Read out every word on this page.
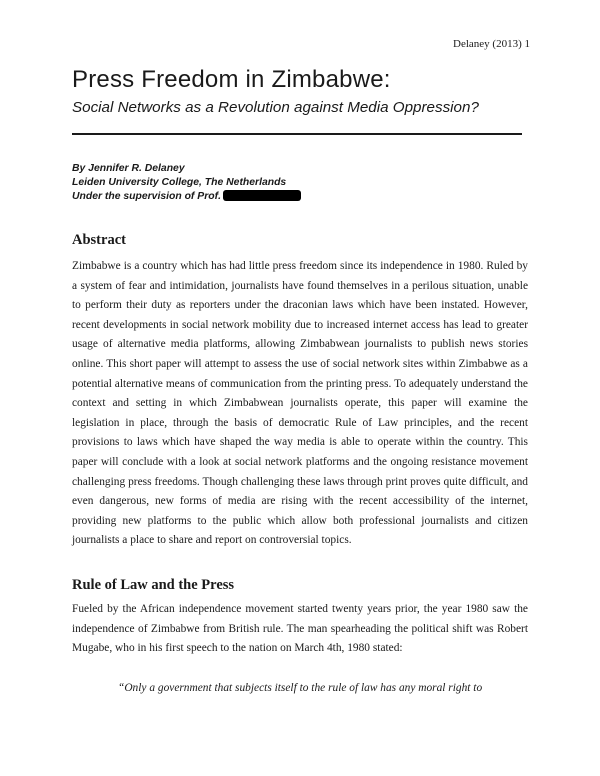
Delaney (2013) 1
Press Freedom in Zimbabwe:
Social Networks as a Revolution against Media Oppression?
By Jennifer R. Delaney
Leiden University College, The Netherlands
Under the supervision of Prof.
Abstract
Zimbabwe is a country which has had little press freedom since its independence in 1980. Ruled by a system of fear and intimidation, journalists have found themselves in a perilous situation, unable to perform their duty as reporters under the draconian laws which have been instated. However, recent developments in social network mobility due to increased internet access has lead to greater usage of alternative media platforms, allowing Zimbabwean journalists to publish news stories online. This short paper will attempt to assess the use of social network sites within Zimbabwe as a potential alternative means of communication from the printing press. To adequately understand the context and setting in which Zimbabwean journalists operate, this paper will examine the legislation in place, through the basis of democratic Rule of Law principles, and the recent provisions to laws which have shaped the way media is able to operate within the country. This paper will conclude with a look at social network platforms and the ongoing resistance movement challenging press freedoms. Though challenging these laws through print proves quite difficult, and even dangerous, new forms of media are rising with the recent accessibility of the internet, providing new platforms to the public which allow both professional journalists and citizen journalists a place to share and report on controversial topics.
Rule of Law and the Press
Fueled by the African independence movement started twenty years prior, the year 1980 saw the independence of Zimbabwe from British rule. The man spearheading the political shift was Robert Mugabe, who in his first speech to the nation on March 4th, 1980 stated:
“Only a government that subjects itself to the rule of law has any moral right to
